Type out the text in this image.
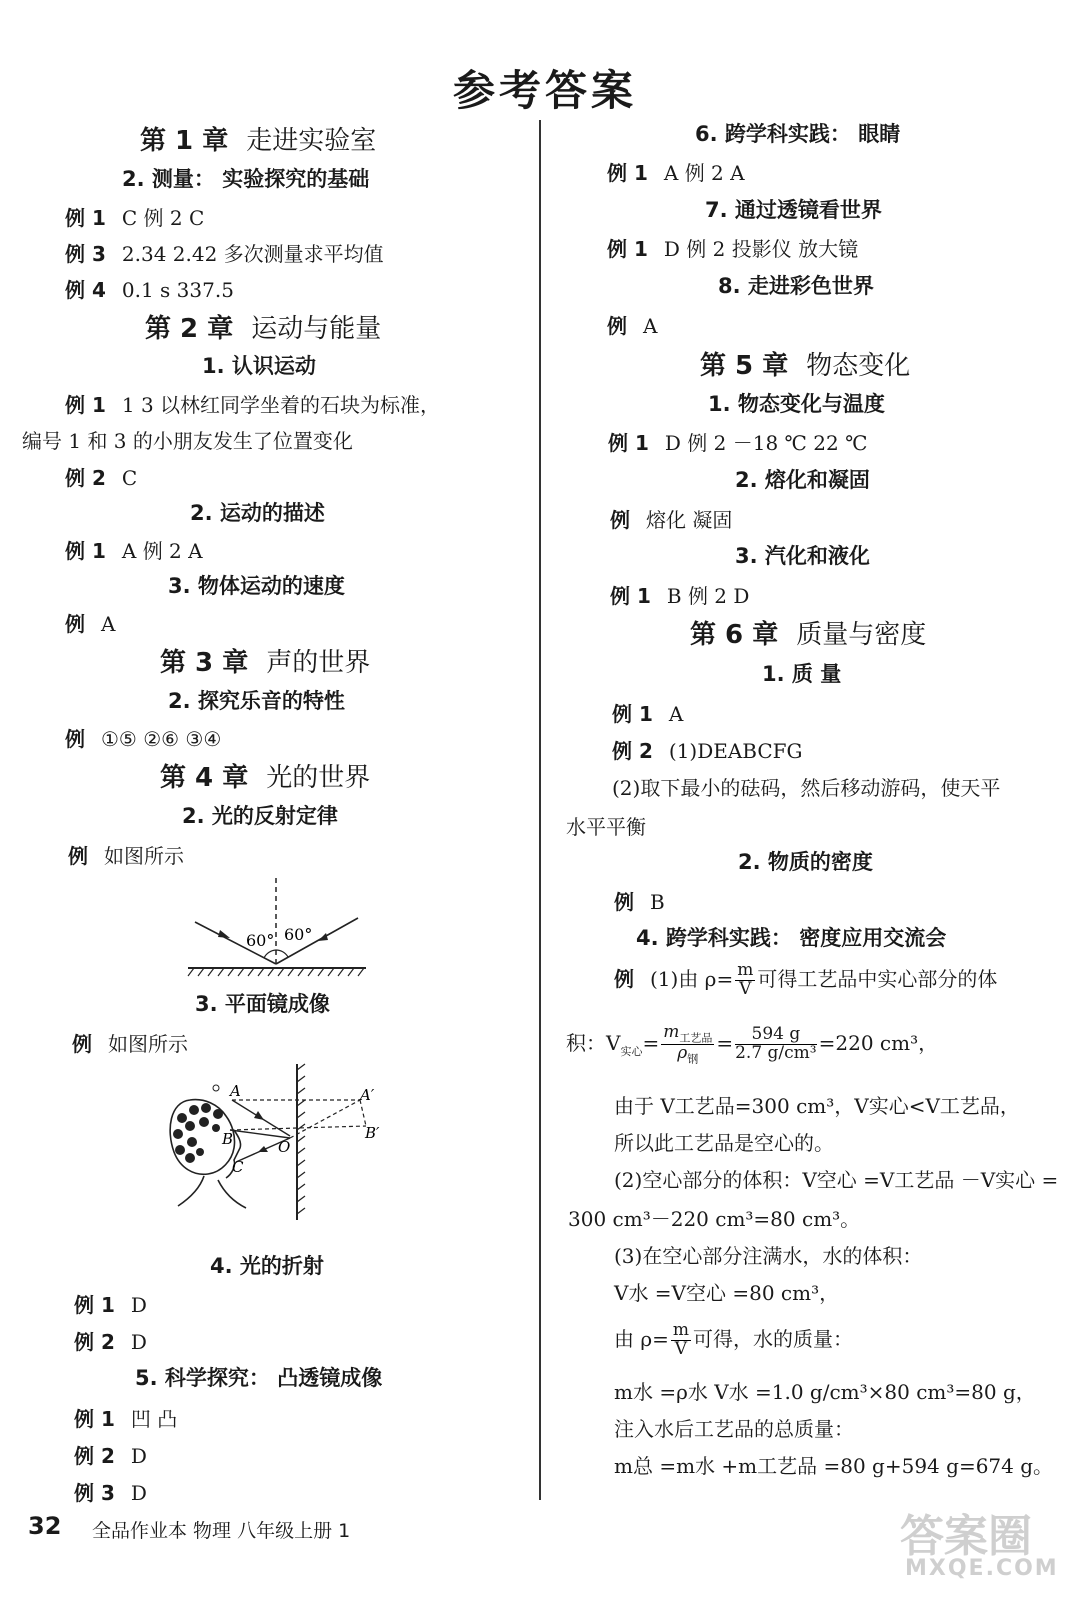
参考答案
第 1 章 走进实验室
2. 测量： 实验探究的基础
例 1 C 例 2 C
例 3 2.34 2.42 多次测量求平均值
例 4 0.1 s 337.5
第 2 章 运动与能量
1. 认识运动
例 1 1 3 以林红同学坐着的石块为标准，
编号 1 和 3 的小朋友发生了位置变化
例 2 C
2. 运动的描述
例 1 A 例 2 A
3. 物体运动的速度
例 A
第 3 章 声的世界
2. 探究乐音的特性
例 ①⑤ ②⑥ ③④
第 4 章 光的世界
2. 光的反射定律
例 如图所示
60° 60°
3. 平面镜成像
例 如图所示
A
B
C
O
A′
B′
4. 光的折射
例 1 D
例 2 D
5. 科学探究： 凸透镜成像
例 1 凹 凸
例 2 D
例 3 D
6. 跨学科实践： 眼睛
例 1 A 例 2 A
7. 通过透镜看世界
例 1 D 例 2 投影仪 放大镜
8. 走进彩色世界
例 A
第 5 章 物态变化
1. 物态变化与温度
例 1 D 例 2 －18 ℃ 22 ℃
2. 熔化和凝固
例 熔化 凝固
3. 汽化和液化
例 1 B 例 2 D
第 6 章 质量与密度
1. 质 量
例 1 A
例 2 (1)DEABCFG
(2)取下最小的砝码，然后移动游码，使天平
水平平衡
2. 物质的密度
例 B
4. 跨学科实践： 密度应用交流会
例 (1)由 $\rho= \frac{m}{V}$ 可得工艺品中实心部分的体
积：$V_{实心}= \frac{m_{工艺品}}{\rho_钢} = \frac{594 g}{\text{2.7 g/cm³}} =220$ cm³，
由于 V工艺品=300 cm³，V实心<V工艺品，
所以此工艺品是空心的。
(2)空心部分的体积：V空心 =V工艺品 －V实心 =
300 cm³－220 cm³=80 cm³。
(3)在空心部分注满水，水的体积：
V水 =V空心 =80 cm³，
由 $\rho= \frac{m}{V}$ 可得，水的质量：
m水 =ρ水 V水 =1.0 g/cm³×80 cm³=80 g，
注入水后工艺品的总质量：
m总 =m水 +m工艺品 =80 g+594 g=674 g。
32 全品作业本 物理 八年级上册 1	答案圈
MXQE.COM
